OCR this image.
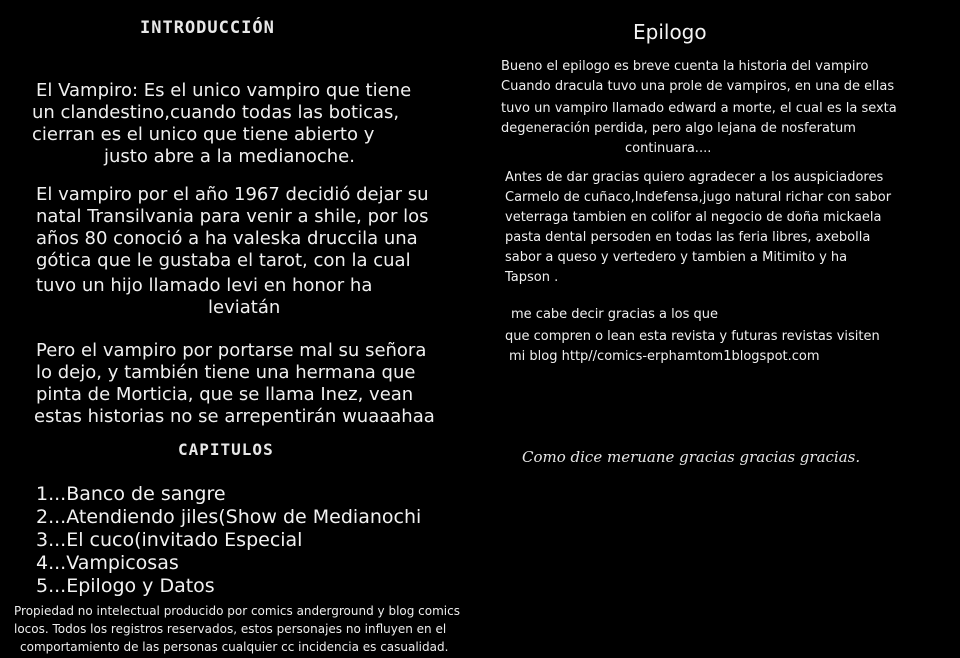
INTRODUCCIÓN
El Vampiro: Es el unico vampiro que tiene
un clandestino,cuando todas las boticas,
cierran es el unico que tiene abierto y
justo abre a la medianoche.
El vampiro por el año 1967 decidió dejar su
natal Transilvania para venir a shile, por los
años 80 conoció a ha valeska druccila una
gótica que le gustaba el tarot, con la cual
tuvo un hijo llamado levi en honor ha
leviatán
Pero el vampiro por portarse mal su señora
lo dejo, y también tiene una hermana que
pinta de Morticia, que se llama Inez, vean
estas historias no se arrepentirán wuaaahaa
CAPITULOS
1...Banco de sangre
2...Atendiendo jiles(Show de Medianochi
3...El cuco(invitado Especial
4...Vampicosas
5...Epilogo y Datos
Propiedad no intelectual producido por comics anderground y blog comics
locos. Todos los registros reservados, estos personajes no influyen en el
comportamiento de las personas cualquier cc incidencia es casualidad.
Epilogo
Bueno el epilogo es breve cuenta la historia del vampiro
Cuando dracula tuvo una prole de vampiros, en una de ellas
tuvo un vampiro llamado edward a morte, el cual es la sexta
degeneración perdida, pero algo lejana de nosferatum
continuara....
Antes de dar gracias quiero agradecer a los auspiciadores
Carmelo de cuñaco,Indefensa,jugo natural richar con sabor
veterraga tambien en colifor al negocio de doña mickaela
pasta dental persoden en todas las feria libres, axebolla
sabor a queso y vertedero y tambien a Mitimito y ha
Tapson .
me cabe decir gracias a los que
que compren o lean esta revista y futuras revistas visiten
mi blog http//comics-erphamtom1blogspot.com
Como dice meruane gracias gracias gracias.
